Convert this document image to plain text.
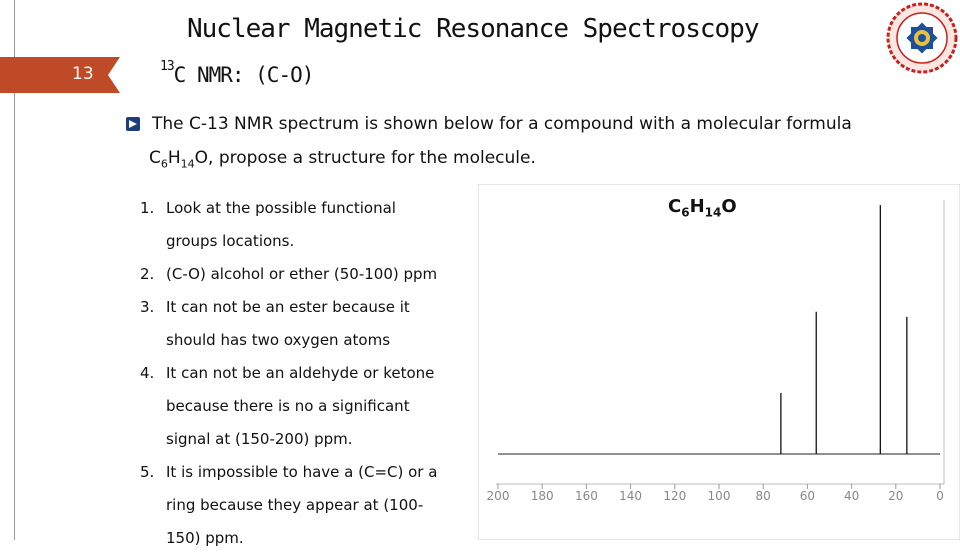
13
Nuclear Magnetic Resonance Spectroscopy
$^{13}$C NMR: (C-O)
The C-13 NMR spectrum is shown below for a compound with a molecular formula
$C_6H_{14}O$, propose a structure for the molecule.
1. Look at the possible functional
groups locations.
2. (C-O) alcohol or ether (50-100) ppm
3. It can not be an ester because it
should has two oxygen atoms
4. It can not be an aldehyde or ketone
because there is no a significant
signal at (150-200) ppm.
5. It is impossible to have a (C=C) or a
ring because they appear at (100-
150) ppm.
200 180 160 140 120 100 80 60 40 20	0
$C_6H_{14}O$
